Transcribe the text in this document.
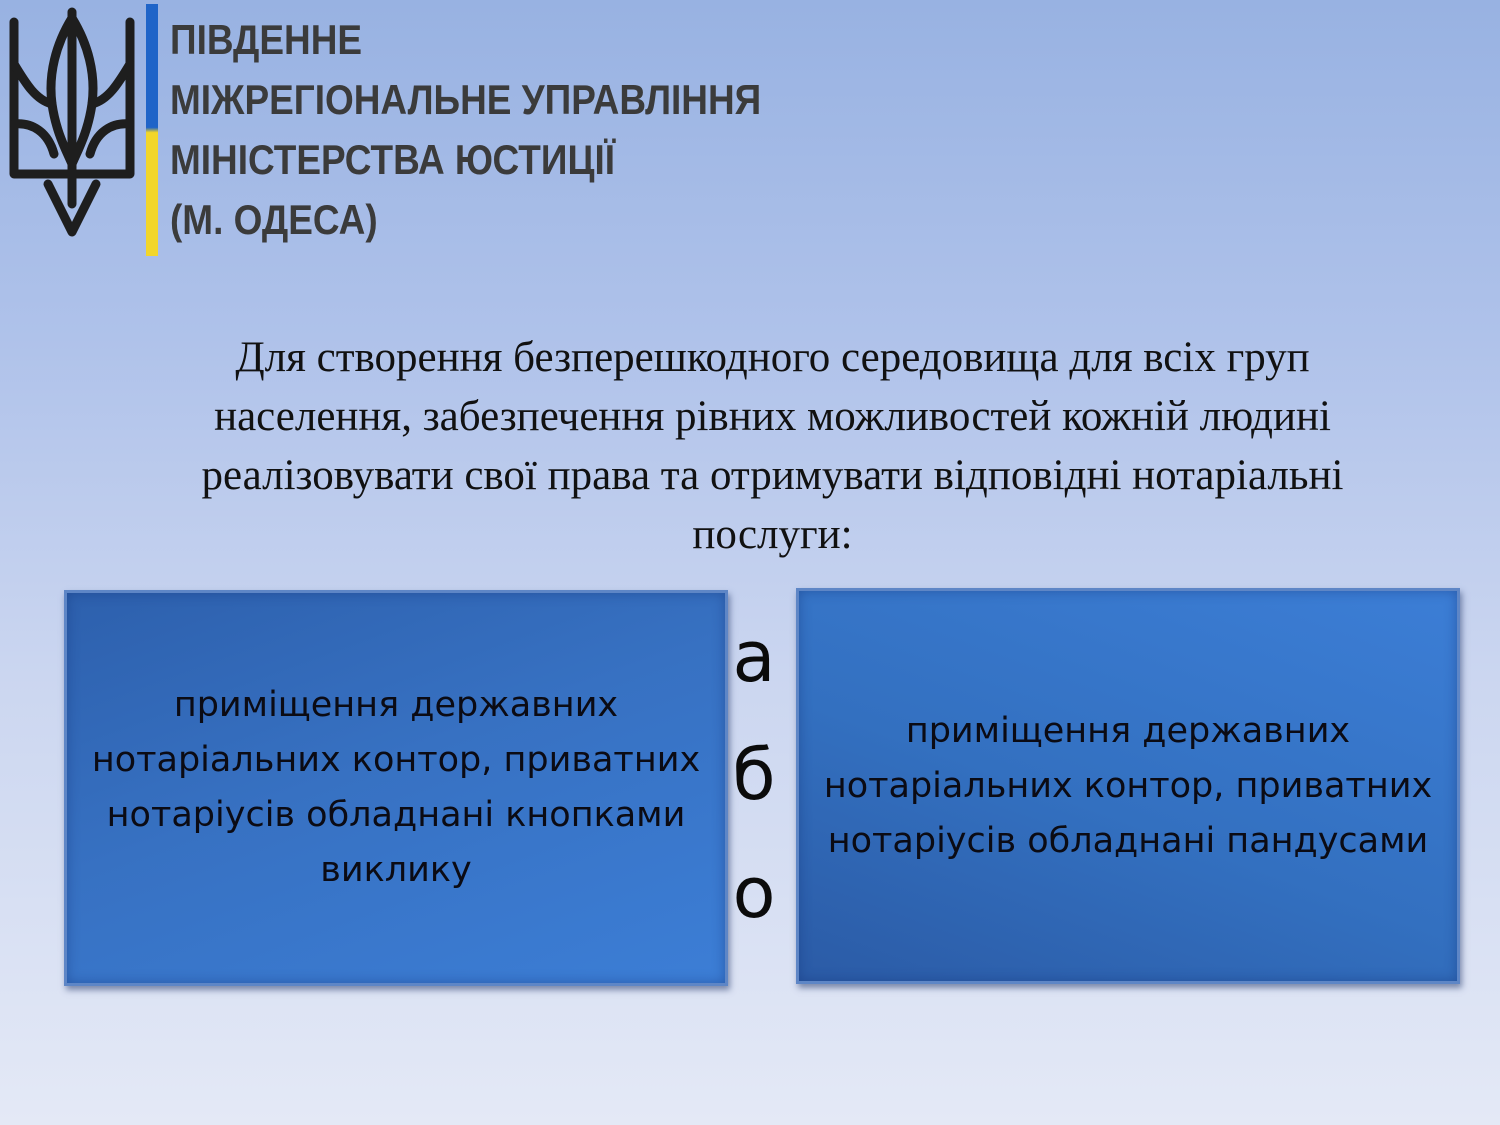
ПІВДЕННЕ
МІЖРЕГІОНАЛЬНЕ УПРАВЛІННЯ
МІНІСТЕРСТВА ЮСТИЦІЇ
(М. ОДЕСА)
Для створення безперешкодного середовища для всіх груп населення, забезпечення рівних можливостей кожній людині реалізовувати свої права та отримувати відповідні нотаріальні послуги:
приміщення державних нотаріальних контор, приватних нотаріусів обладнані кнопками виклику
а
б
о
приміщення державних нотаріальних контор, приватних нотаріусів обладнані пандусами
